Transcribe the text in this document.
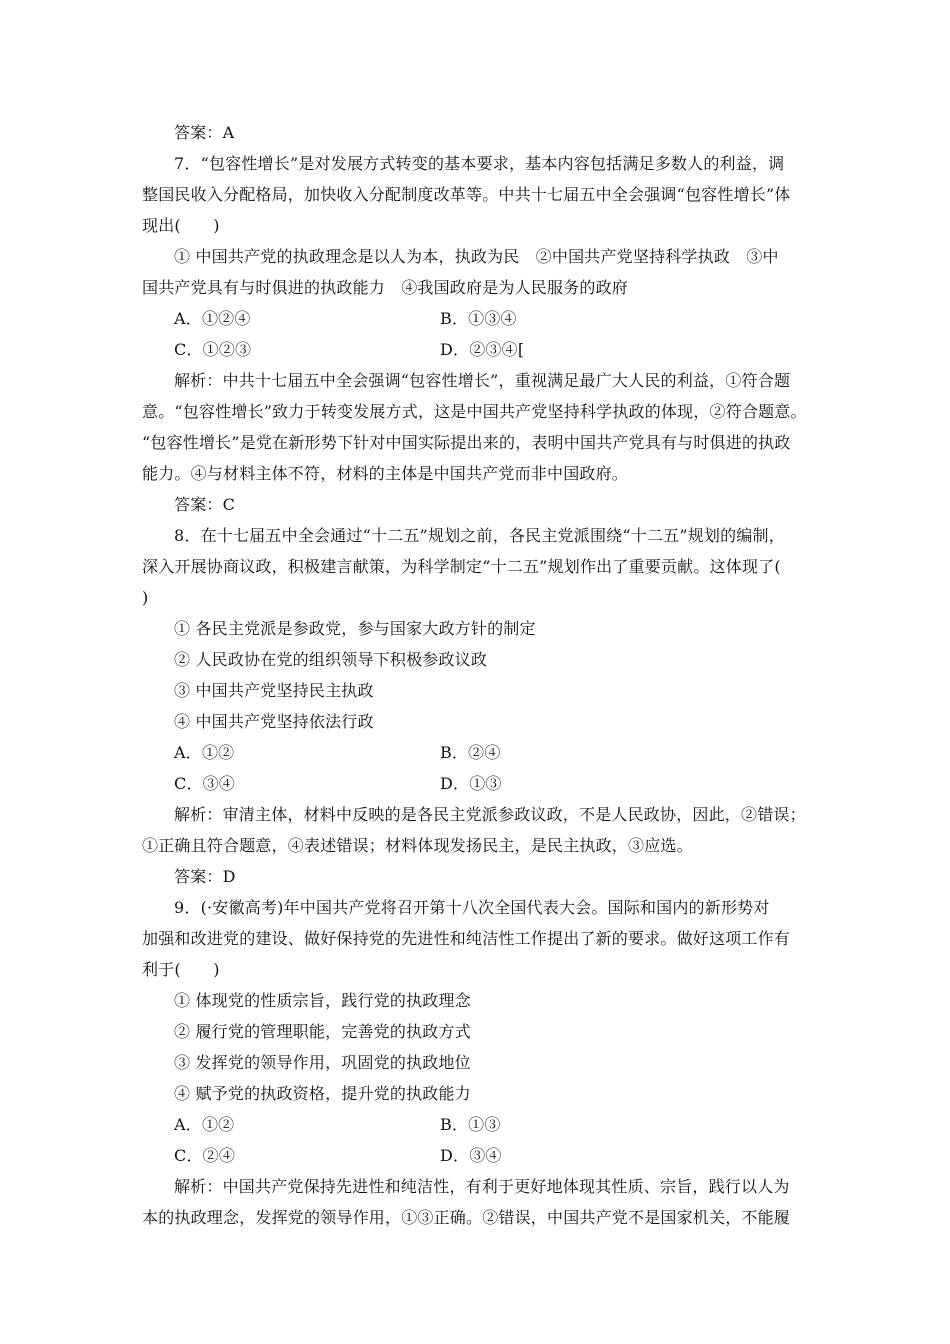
答案：A
7．“包容性增长”是对发展方式转变的基本要求，基本内容包括满足多数人的利益，调
整国民收入分配格局，加快收入分配制度改革等。中共十七届五中全会强调“包容性增长”体
现出(　　)
① 中国共产党的执政理念是以人为本，执政为民　②中国共产党坚持科学执政　③中
国共产党具有与时俱进的执政能力　④我国政府是为人民服务的政府
A．①②④	B．①③④
C．①②③	D．②③④[
解析：中共十七届五中全会强调“包容性增长”，重视满足最广大人民的利益，①符合题
意。“包容性增长”致力于转变发展方式，这是中国共产党坚持科学执政的体现，②符合题意。
“包容性增长”是党在新形势下针对中国实际提出来的，表明中国共产党具有与时俱进的执政
能力。④与材料主体不符，材料的主体是中国共产党而非中国政府。
答案：C
8．在十七届五中全会通过“十二五”规划之前，各民主党派围绕“十二五”规划的编制，
深入开展协商议政，积极建言献策，为科学制定“十二五”规划作出了重要贡献。这体现了(
)
① 各民主党派是参政党，参与国家大政方针的制定
② 人民政协在党的组织领导下积极参政议政
③ 中国共产党坚持民主执政
④ 中国共产党坚持依法行政
A．①②	B．②④
C．③④	D．①③
解析：审清主体，材料中反映的是各民主党派参政议政，不是人民政协，因此，②错误；
①正确且符合题意，④表述错误；材料体现发扬民主，是民主执政，③应选。
答案：D
9．(·安徽高考)年中国共产党将召开第十八次全国代表大会。国际和国内的新形势对
加强和改进党的建设、做好保持党的先进性和纯洁性工作提出了新的要求。做好这项工作有
利于(　　)
① 体现党的性质宗旨，践行党的执政理念
② 履行党的管理职能，完善党的执政方式
③ 发挥党的领导作用，巩固党的执政地位
④ 赋予党的执政资格，提升党的执政能力
A．①②	B．①③
C．②④	D．③④
解析：中国共产党保持先进性和纯洁性，有利于更好地体现其性质、宗旨，践行以人为
本的执政理念，发挥党的领导作用，①③正确。②错误，中国共产党不是国家机关，不能履
